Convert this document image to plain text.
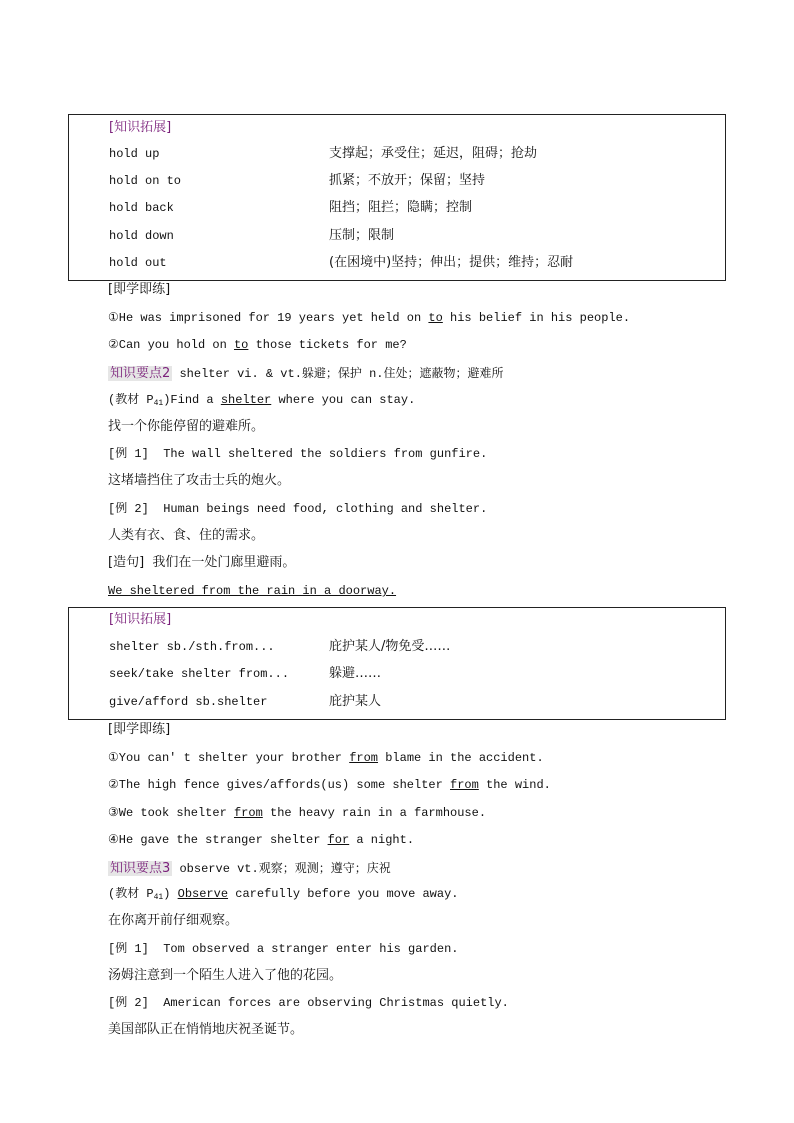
[知识拓展]
hold up	支撑起；承受住；延迟，阻碍；抢劫
hold on to	抓紧；不放开；保留；坚持
hold back	阻挡；阻拦；隐瞒；控制
hold down	压制；限制
hold out	(在困境中)坚持；伸出；提供；维持；忍耐
[即学即练]
①He was imprisoned for 19 years yet held on to his belief in his people.
②Can you hold on to those tickets for me?
知识要点2 shelter vi. & vt.躲避；保护 n.住处；遮蔽物；避难所
(教材 $P_{41})Find$ a shelter where you can stay.
找一个你能停留的避难所。
[例 1] The wall sheltered the soldiers from gunfire.
这堵墙挡住了攻击士兵的炮火。
[例 2] Human beings need food, clothing and shelter.
人类有衣、食、住的需求。
[造句] 我们在一处门廊里避雨。
We sheltered from the rain in a doorway.
[知识拓展]
shelter sb./sth.from...	庇护某人/物免受……
seek/take shelter from...	躲避……
give/afford sb.shelter	庇护某人
[即学即练]
①You can' t shelter your brother from blame in the accident.
②The high fence gives/affords(us) some shelter from the wind.
③We took shelter from the heavy rain in a farmhouse.
④He gave the stranger shelter for a night.
知识要点3 observe vt.观察；观测；遵守；庆祝
(教材 $P_{41}$) Observe carefully before you move away.
在你离开前仔细观察。
[例 1] Tom observed a stranger enter his garden.
汤姆注意到一个陌生人进入了他的花园。
[例 2] American forces are observing Christmas quietly.
美国部队正在悄悄地庆祝圣诞节。
